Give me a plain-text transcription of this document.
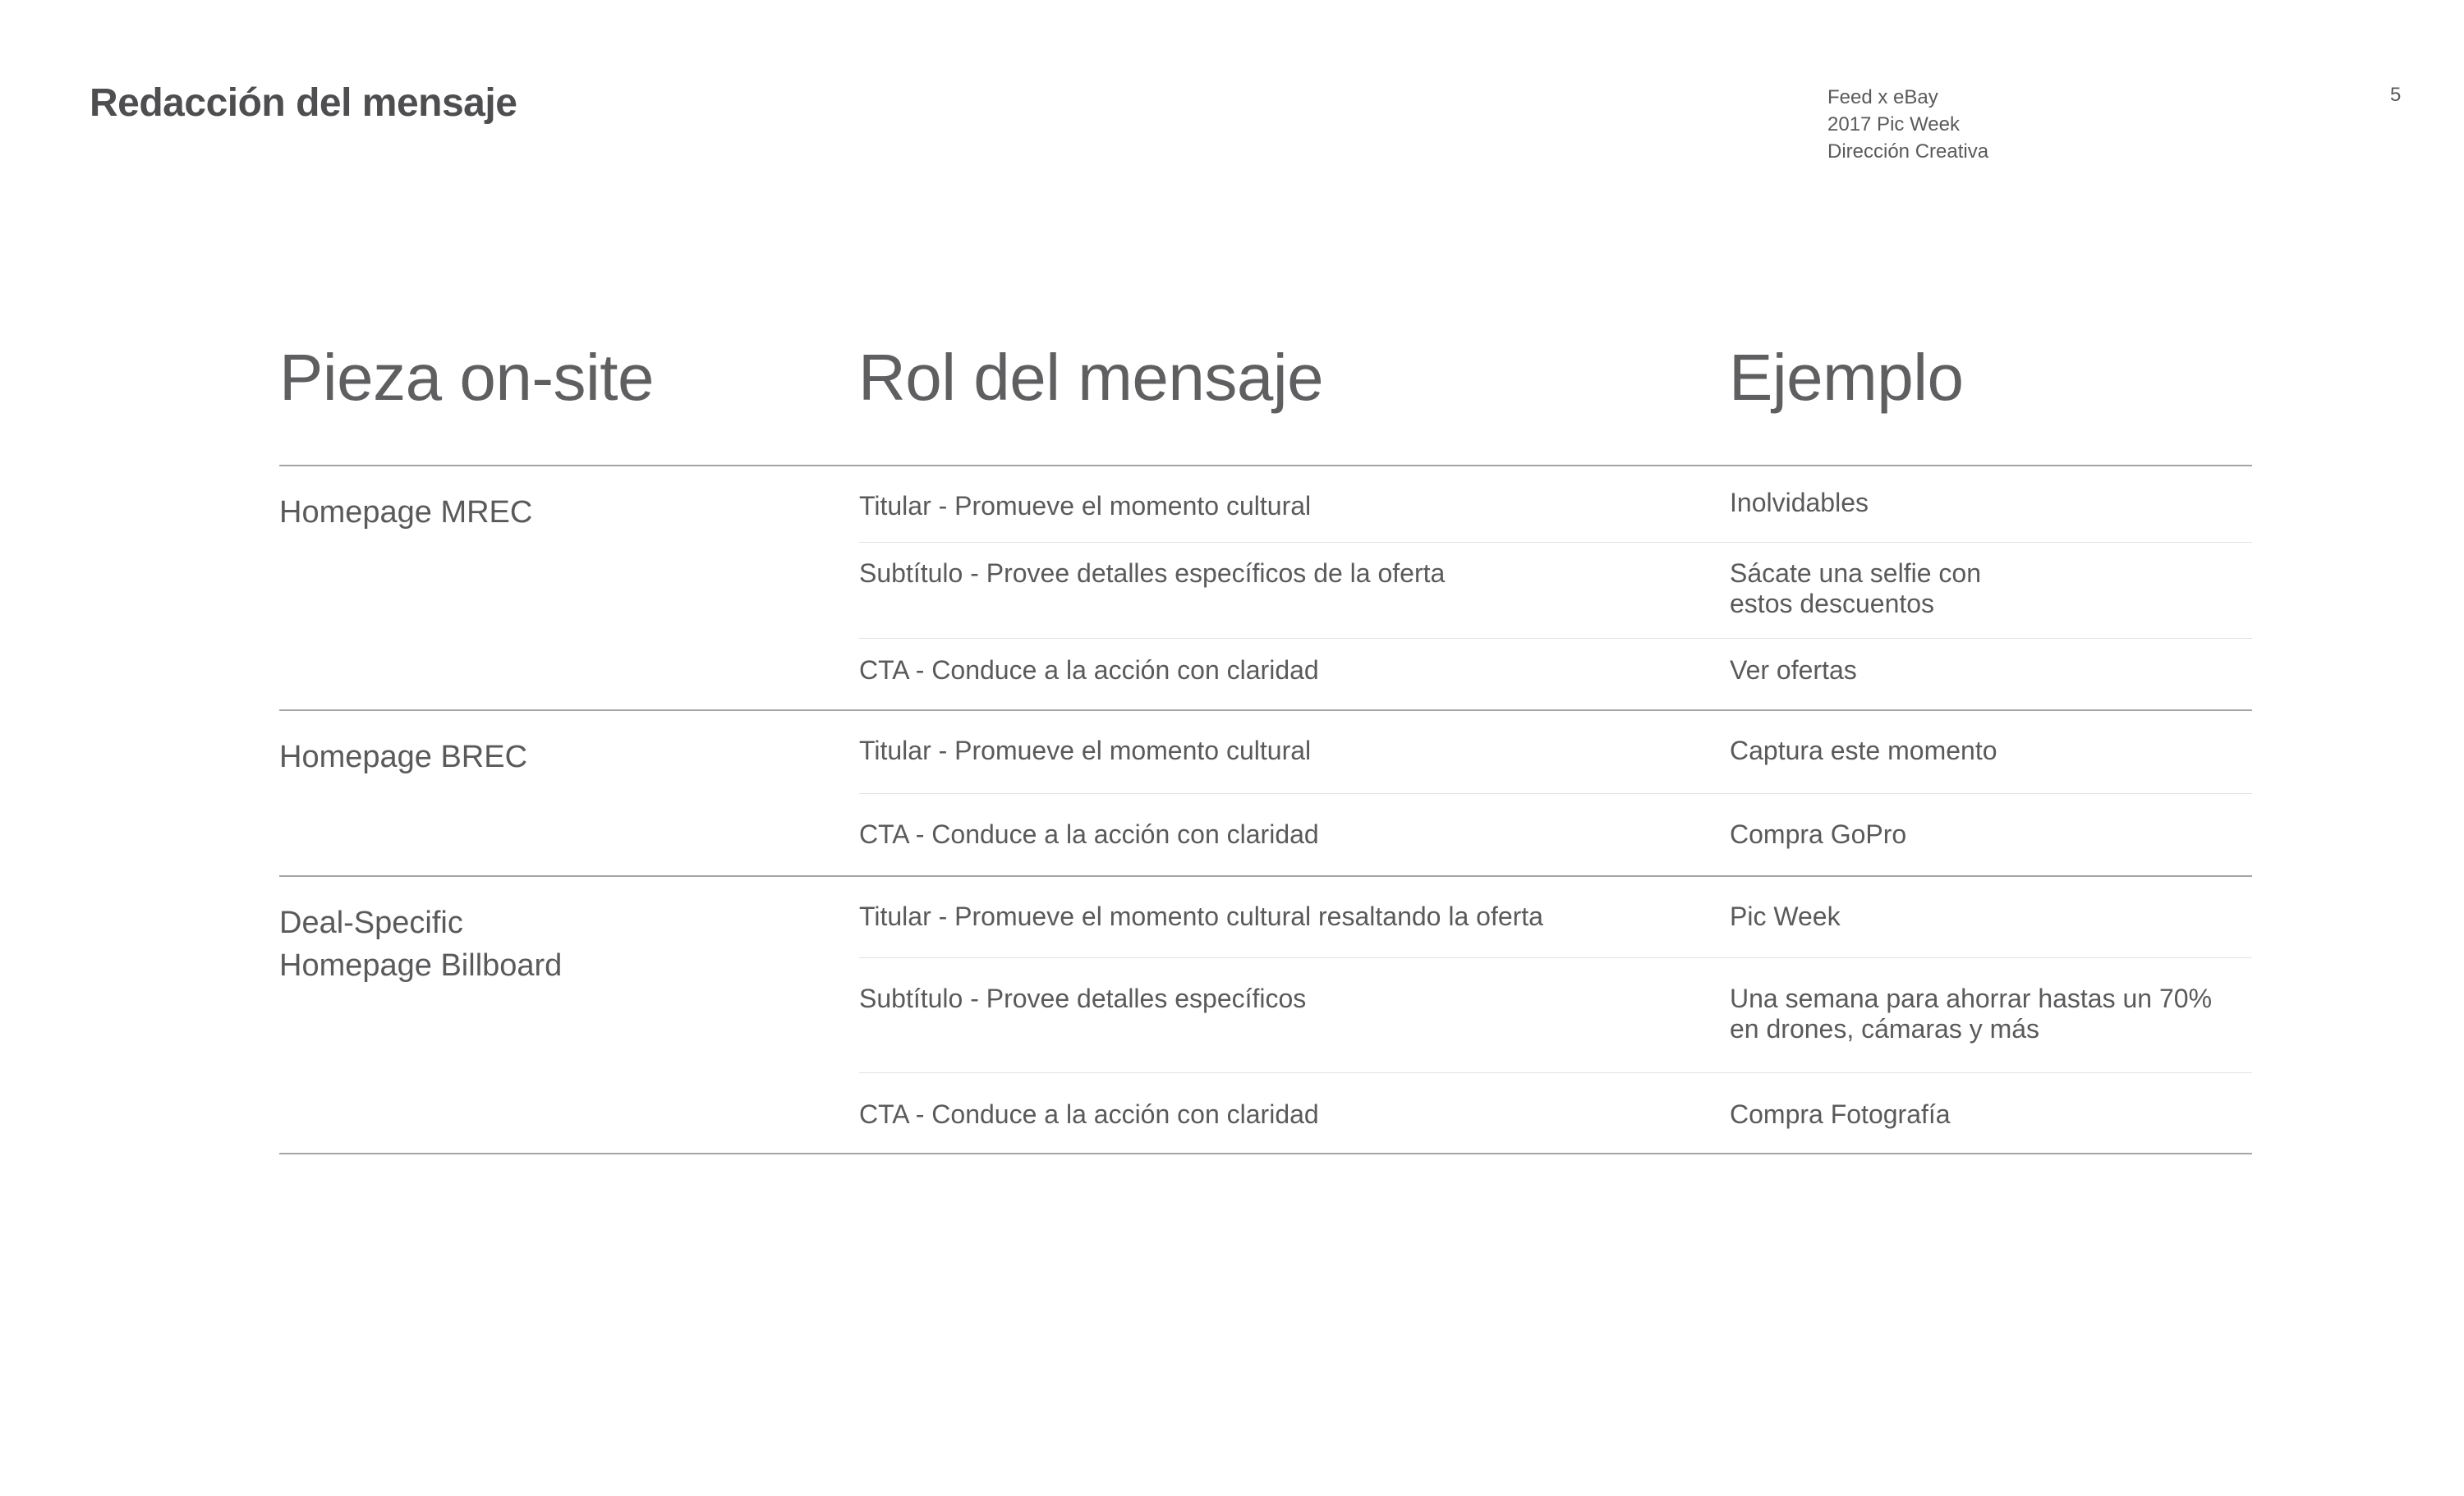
Redacción del mensaje	Feed x eBay
2017 Pic Week
Dirección Creativa
5
Pieza on-site	Rol del mensaje	Ejemplo
Homepage MREC	Titular - Promueve el momento cultural	Inolvidables
Subtítulo - Provee detalles específicos de la oferta	Sácate una selfie con
estos descuentos
CTA - Conduce a la acción con claridad	Ver ofertas
Homepage BREC	Titular - Promueve el momento cultural	Captura este momento
CTA - Conduce a la acción con claridad	Compra GoPro
Deal-Specific
Homepage Billboard
Titular - Promueve el momento cultural resaltando la oferta	Pic Week
Subtítulo - Provee detalles específicos	Una semana para ahorrar hastas un 70%
en drones, cámaras y más
CTA - Conduce a la acción con claridad	Compra Fotografía
